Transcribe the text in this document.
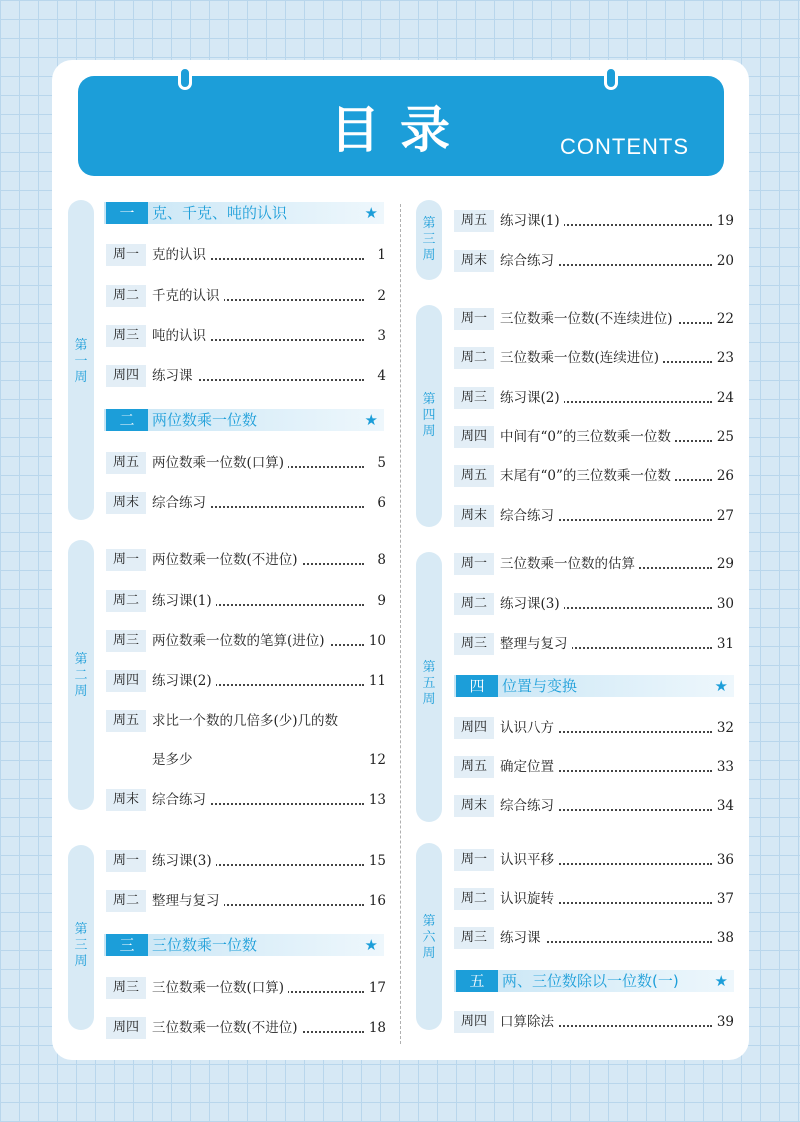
目录	CONTENTS
第一周
第二周
第三周
第三周
第四周
第五周
第六周
一	克、千克、吨的认识	★
二	两位数乘一位数	★
三	三位数乘一位数	★
四	位置与变换	★
五	两、三位数除以一位数(一) ★
周一 克的认识	1
周二 千克的认识	2
周三 吨的认识	3
周四 练习课	4
周五 两位数乘一位数(口算)	5
周末 综合练习	6
周一 两位数乘一位数(不进位)	8
周二 练习课(1)	9
周三 两位数乘一位数的笔算(进位)	10
周四 练习课(2)	11
周五 求比一个数的几倍多(少)几的数
是多少	12
周末 综合练习	13
周一 练习课(3)	15
周二 整理与复习	16
周三 三位数乘一位数(口算)	17
周四 三位数乘一位数(不进位)	18
周五 练习课(1)	19
周末 综合练习	20
周一 三位数乘一位数(不连续进位)	22
周二 三位数乘一位数(连续进位)	23
周三 练习课(2)	24
周四 中间有“0”的三位数乘一位数	25
周五 末尾有“0”的三位数乘一位数	26
周末 综合练习	27
周一 三位数乘一位数的估算	29
周二 练习课(3)	30
周三 整理与复习	31
周四 认识八方	32
周五 确定位置	33
周末 综合练习	34
周一 认识平移	36
周二 认识旋转	37
周三 练习课	38
周四 口算除法	39
